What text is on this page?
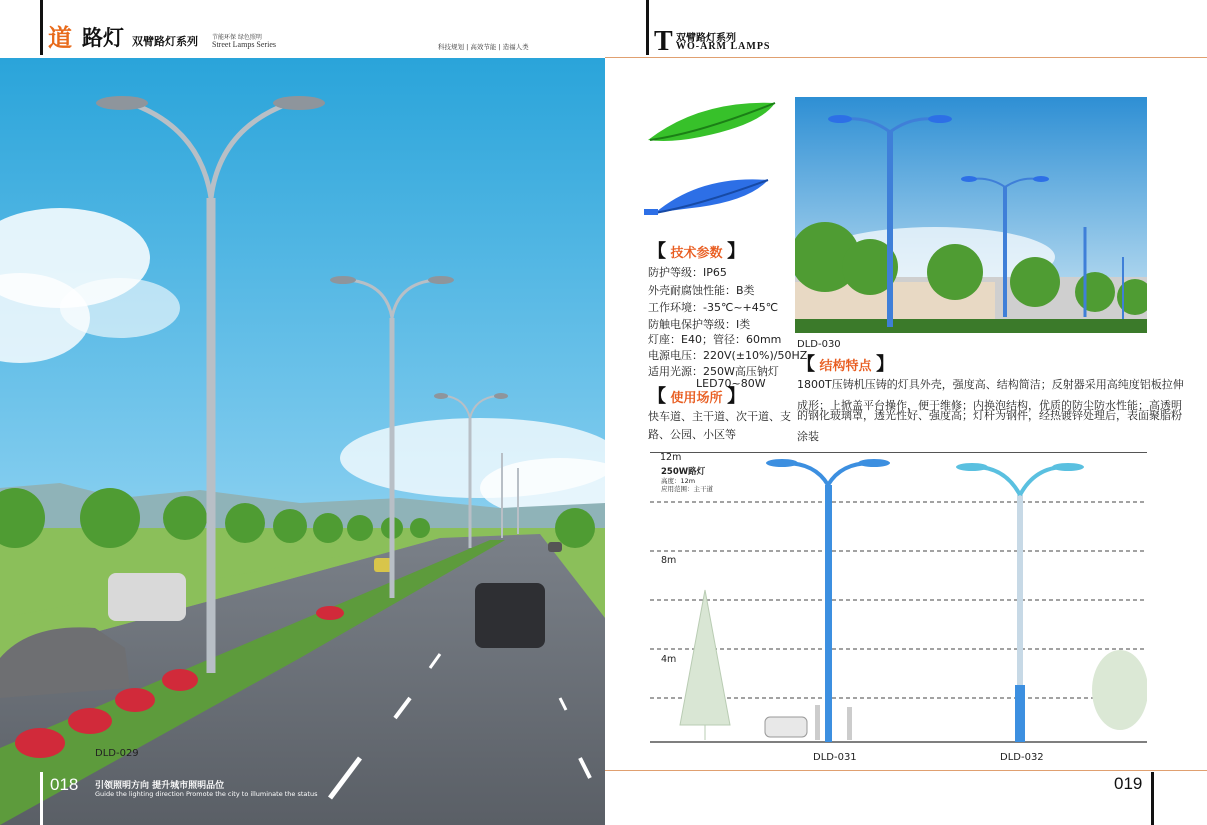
道 路灯 双臂路灯系列 节能环保 绿色照明
Street Lamps Series	科技规划 | 高效节能 | 造福人类
DLD-029
018 引领照明方向 提升城市照明品位
Guide the lighting direction Promote the city to illuminate the status
T 双臂路灯系列
WO-ARM LAMPS
DLD-030
【 技术参数 】
防护等级：IP65
外壳耐腐蚀性能：B类
工作环境：-35℃~+45℃
防触电保护等级：Ⅰ类
灯座：E40；管径：60mm
电源电压：220V(±10%)/50HZ
适用光源：250W高压钠灯
LED70~80W
【 使用场所 】
快车道、主干道、次干道、支
路、公园、小区等
【 结构特点 】
1800T压铸机压铸的灯具外壳，强度高、结构简洁；反射器采用高纯度铝板拉伸
成形；上掀盖平台操作，便于维修；内换泡结构，优质的防尘防水性能；高透明
的钢化玻璃罩，透光性好、强度高；灯杆为钢件，经热镀锌处理后，表面聚脂粉
涂装
12m
250W路灯
高度：12m
应用范围：主干道
8m
4m
DLD-031	DLD-032
019
